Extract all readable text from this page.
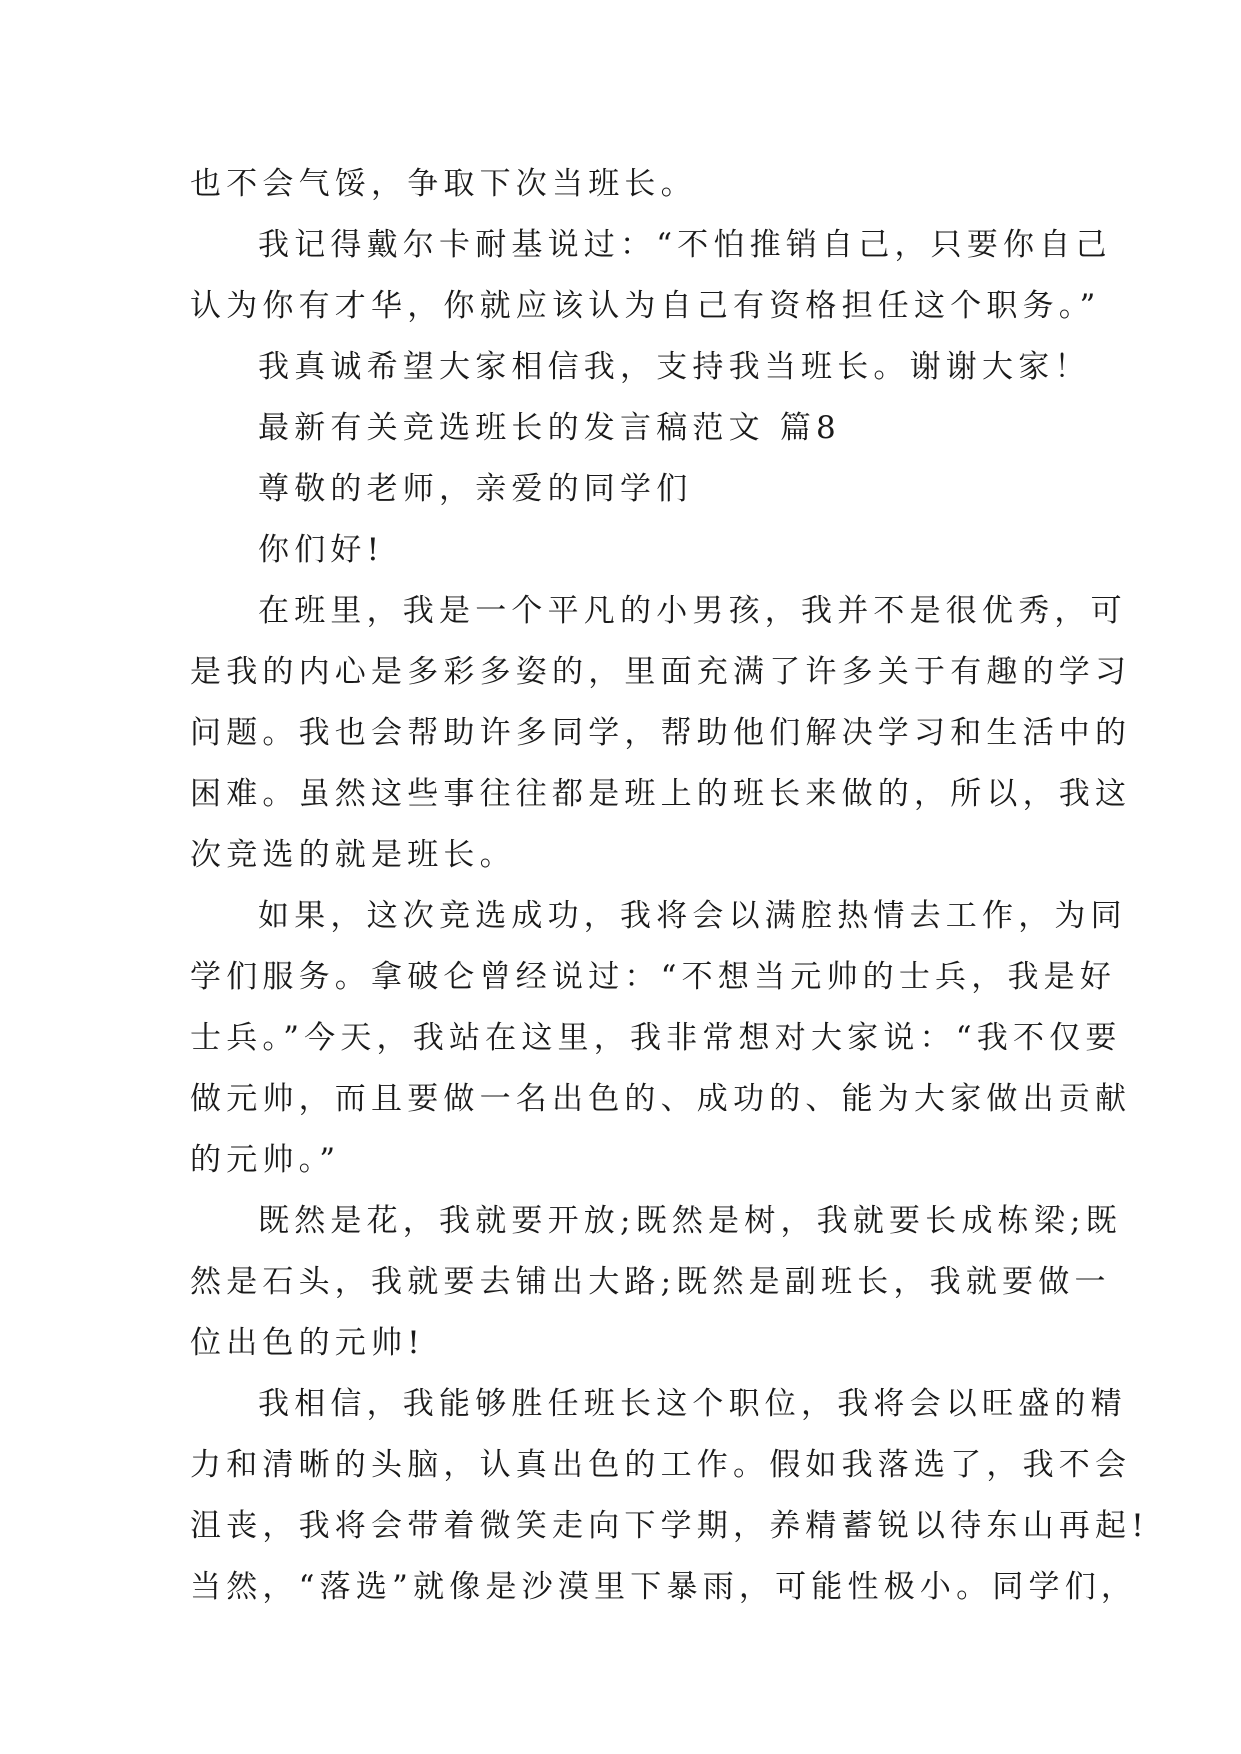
也不会气馁，争取下次当班长。

我记得戴尔卡耐基说过：“不怕推销自己，只要你自己

认为你有才华，你就应该认为自己有资格担任这个职务。”

我真诚希望大家相信我，支持我当班长。谢谢大家！

最新有关竞选班长的发言稿范文 篇8

尊敬的老师，亲爱的同学们

你们好!

在班里，我是一个平凡的小男孩，我并不是很优秀，可

是我的内心是多彩多姿的，里面充满了许多关于有趣的学习

问题。我也会帮助许多同学，帮助他们解决学习和生活中的

困难。虽然这些事往往都是班上的班长来做的，所以，我这

次竞选的就是班长。

如果，这次竞选成功，我将会以满腔热情去工作，为同

学们服务。拿破仑曾经说过：“不想当元帅的士兵，我是好

士兵。”今天，我站在这里，我非常想对大家说：“我不仅要

做元帅，而且要做一名出色的、成功的、能为大家做出贡献

的元帅。”

既然是花，我就要开放;既然是树，我就要长成栋梁;既

然是石头，我就要去铺出大路;既然是副班长，我就要做一

位出色的元帅!

我相信，我能够胜任班长这个职位，我将会以旺盛的精

力和清晰的头脑，认真出色的工作。假如我落选了，我不会

沮丧，我将会带着微笑走向下学期，养精蓄锐以待东山再起!

当然，“落选”就像是沙漠里下暴雨，可能性极小。同学们，
